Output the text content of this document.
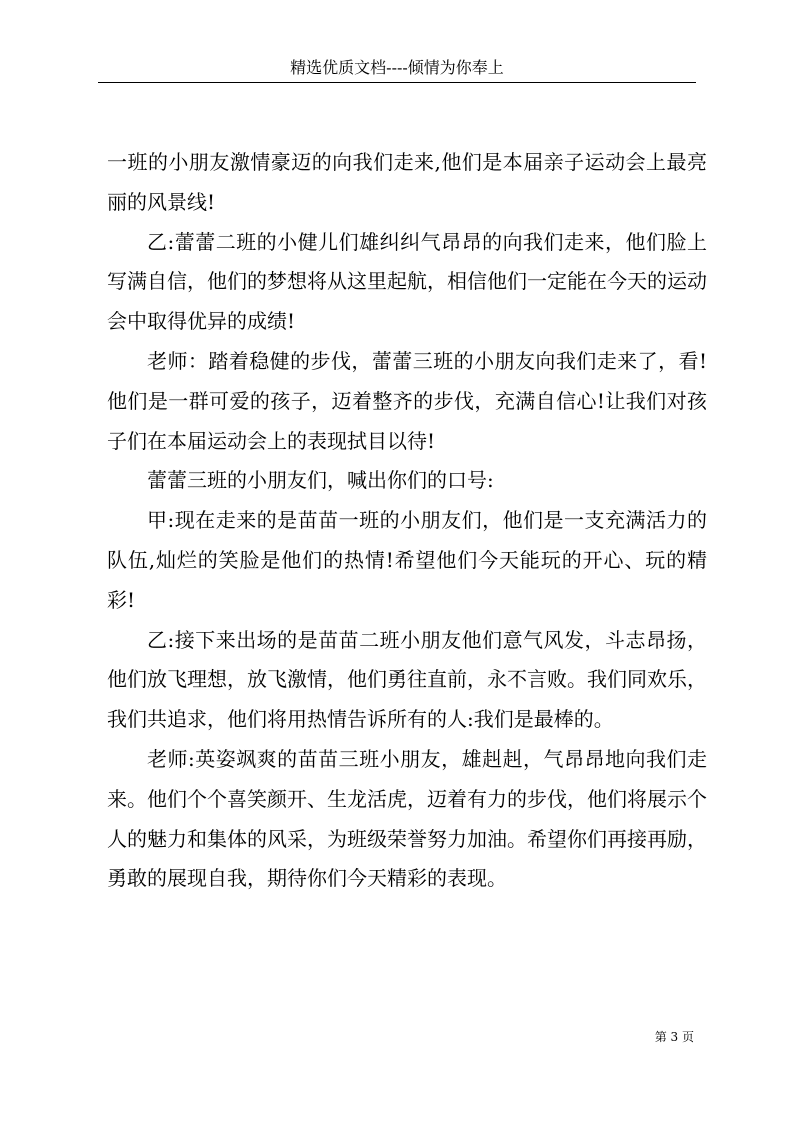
精选优质文档----倾情为你奉上

一班的小朋友激情豪迈的向我们走来,他们是本届亲子运动会上最亮丽的风景线!

乙:蕾蕾二班的小健儿们雄纠纠气昂昂的向我们走来，他们脸上写满自信，他们的梦想将从这里起航，相信他们一定能在今天的运动会中取得优异的成绩!

老师：踏着稳健的步伐，蕾蕾三班的小朋友向我们走来了，看!他们是一群可爱的孩子，迈着整齐的步伐，充满自信心!让我们对孩子们在本届运动会上的表现拭目以待!

蕾蕾三班的小朋友们，喊出你们的口号:

甲:现在走来的是苗苗一班的小朋友们，他们是一支充满活力的队伍,灿烂的笑脸是他们的热情!希望他们今天能玩的开心、玩的精彩!

乙:接下来出场的是苗苗二班小朋友他们意气风发，斗志昂扬，他们放飞理想，放飞激情，他们勇往直前，永不言败。我们同欢乐，我们共追求，他们将用热情告诉所有的人:我们是最棒的。

老师:英姿飒爽的苗苗三班小朋友，雄赳赳，气昂昂地向我们走来。他们个个喜笑颜开、生龙活虎，迈着有力的步伐，他们将展示个人的魅力和集体的风采，为班级荣誉努力加油。希望你们再接再励，勇敢的展现自我，期待你们今天精彩的表现。

第 3 页
